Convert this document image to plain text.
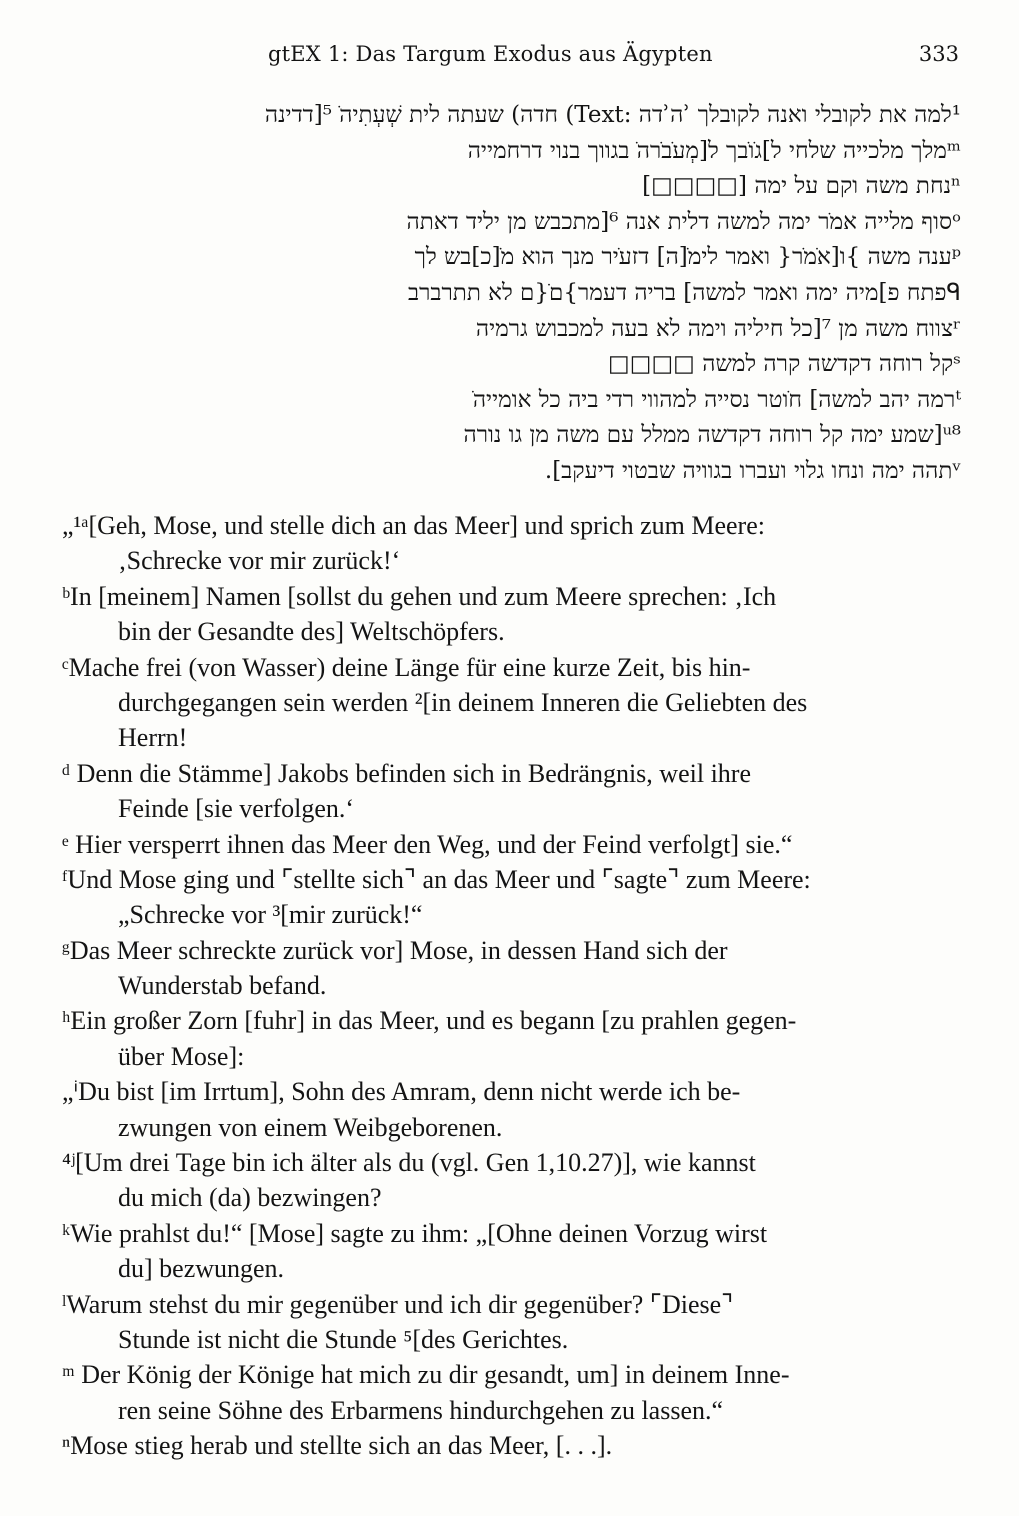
gtEX 1: Das Targum Exodus aus Ägypten	333
¹למה את לקובלי ואנה לקובלך ʾהʾדה :Text) חדה) שעתה לית שְׁעְתִיהׂ ⁵[דדינה
ᵐמלך מלכייה שלחי ל]גׂוׂבך ל[מְעׂבׂרהׂ בגווך בנוי דרחמייה
ⁿנחת משה וקם על ימה [□□□□]
ᵒסוף מלייה אמׂר ימה למשה דלית אנה ⁶[מתכבש מן יליד דאתה
ᵖענה משה }ו[אׂמׂר{ ואמר לימׂ[ה] דזעׂיר מנך הוא מׂ[כ]בש לך
ᑫפתח פ]מיה ימה ואמר למשה] בריה דעמר}םׂ{ם לא תתרברב
ʳצווח משה מן ⁷[כל חיליה וימה לא בעה למכבוש גרמיה
ˢקל רוחה דקדשה קרה למשה □□□□
ᵗרמה יהב למשה] חׂוטר נסייה למהווי רדי ביה כל אומייהׂ
ᵘ⁸[שמע ימה קל רוחה דקדשה ממלל עם משה מן גו נורה
ᵛתהה ימה ונחו גלוי ועברו בגוויה שבטוי דיעקב].
„¹ᵃ[Geh, Mose, und stelle dich an das Meer] und sprich zum Meere:
‚Schrecke vor mir zurück!‘
ᵇIn [meinem] Namen [sollst du gehen und zum Meere sprechen: ‚Ich
bin der Gesandte des] Weltschöpfers.
ᶜMache frei (von Wasser) deine Länge für eine kurze Zeit, bis hin-
durchgegangen sein werden ²[in deinem Inneren die Geliebten des
Herrn!
ᵈ Denn die Stämme] Jakobs befinden sich in Bedrängnis, weil ihre
Feinde [sie verfolgen.‘
ᵉ Hier versperrt ihnen das Meer den Weg, und der Feind verfolgt] sie.“
ᶠUnd Mose ging und ⌜stellte sich⌝ an das Meer und ⌜sagte⌝ zum Meere:
„Schrecke vor ³[mir zurück!“
ᵍDas Meer schreckte zurück vor] Mose, in dessen Hand sich der
Wunderstab befand.
ʰEin großer Zorn [fuhr] in das Meer, und es begann [zu prahlen gegen-
über Mose]:
„ⁱDu bist [im Irrtum], Sohn des Amram, denn nicht werde ich be-
zwungen von einem Weibgeborenen.
⁴ʲ[Um drei Tage bin ich älter als du (vgl. Gen 1,10.27)], wie kannst
du mich (da) bezwingen?
ᵏWie prahlst du!“ [Mose] sagte zu ihm: „[Ohne deinen Vorzug wirst
du] bezwungen.
ˡWarum stehst du mir gegenüber und ich dir gegenüber? ⌜Diese⌝
Stunde ist nicht die Stunde ⁵[des Gerichtes.
ᵐ Der König der Könige hat mich zu dir gesandt, um] in deinem Inne-
ren seine Söhne des Erbarmens hindurchgehen zu lassen.“
ⁿMose stieg herab und stellte sich an das Meer, [. . .].
